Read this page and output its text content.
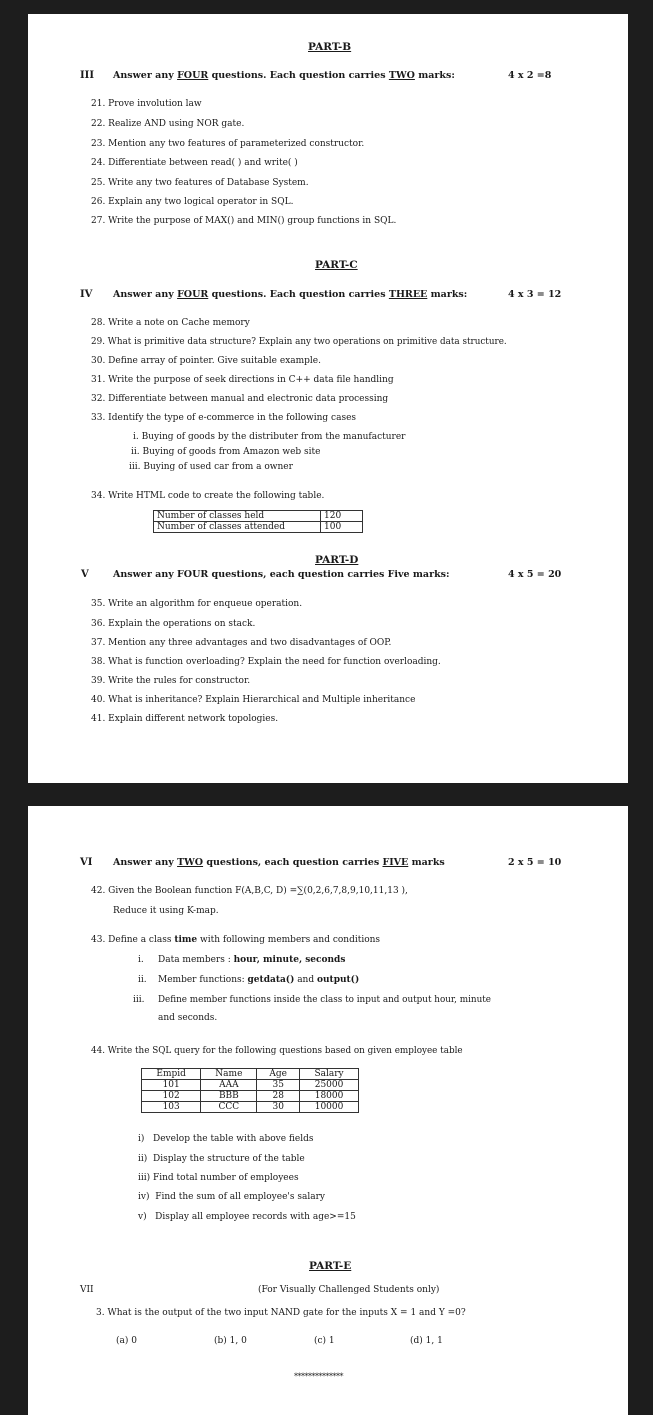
PART-B
III Answer any FOUR questions. Each question carries TWO marks:	4 x 2 =8
21. Prove involution law
22. Realize AND using NOR gate.
23. Mention any two features of parameterized constructor.
24. Differentiate between read( ) and write( )
25. Write any two features of Database System.
26. Explain any two logical operator in SQL.
27. Write the purpose of MAX() and MIN() group functions in SQL.
PART-C
IV Answer any FOUR questions. Each question carries THREE marks:	4 x 3 = 12
28. Write a note on Cache memory
29. What is primitive data structure? Explain any two operations on primitive data structure.
30. Define array of pointer. Give suitable example.
31. Write the purpose of seek directions in C++ data file handling
32. Differentiate between manual and electronic data processing
33. Identify the type of e-commerce in the following cases
i. Buying of goods by the distributer from the manufacturer
ii. Buying of goods from Amazon web site
iii. Buying of used car from a owner
34. Write HTML code to create the following table.
Number of classes held	120
Number of classes attended	100
PART-D
V	Answer any FOUR questions, each question carries Five marks:	4 x 5 = 20
35. Write an algorithm for enqueue operation.
36. Explain the operations on stack.
37. Mention any three advantages and two disadvantages of OOP.
38. What is function overloading? Explain the need for function overloading.
39. Write the rules for constructor.
40. What is inheritance? Explain Hierarchical and Multiple inheritance
41. Explain different network topologies.
VI Answer any TWO questions, each question carries FIVE marks	2 x 5 = 10
42. Given the Boolean function F(A,B,C, D) =∑(0,2,6,7,8,9,10,11,13 ),
Reduce it using K-map.
43. Define a class time with following members and conditions
i. Data members : hour, minute, seconds
ii. Member functions: getdata() and output()
iii. Define member functions inside the class to input and output hour, minute
and seconds.
44. Write the SQL query for the following questions based on given employee table
Empid	Name	Age	Salary
101	AAA	35	25000
102	BBB	28	18000
103	CCC	30	10000
i)   Develop the table with above fields
ii)  Display the structure of the table
iii) Find total number of employees
iv)  Find the sum of all employee's salary
v)   Display all employee records with age>=15
PART-E
VII	(For Visually Challenged Students only)
3. What is the output of the two input NAND gate for the inputs X = 1 and Y =0?
(a) 0	(b) 1, 0	(c) 1	(d) 1, 1
**************
